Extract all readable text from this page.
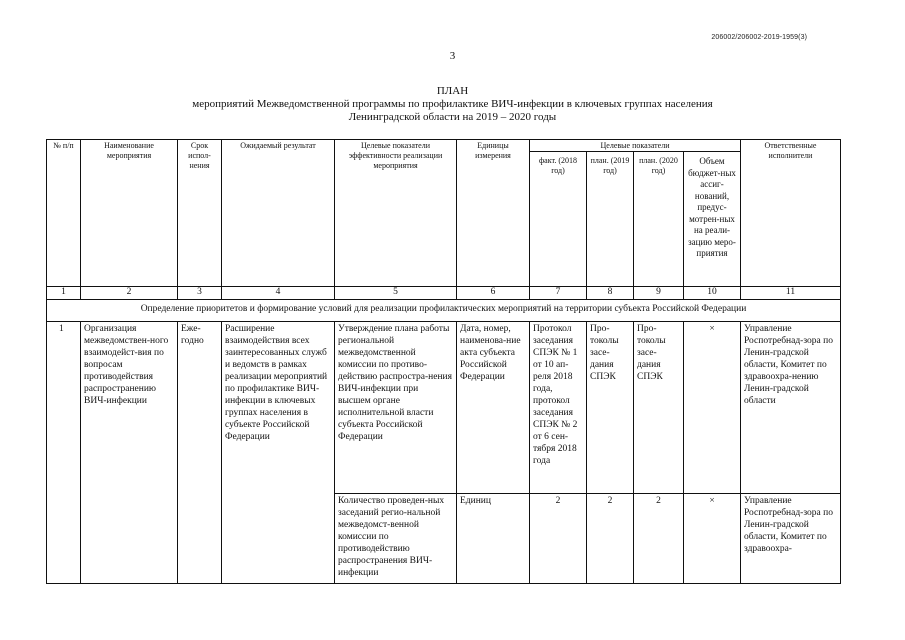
206002/206002-2019-1959(3)
3
ПЛАН
мероприятий Межведомственной программы по профилактике ВИЧ-инфекции в ключевых группах населения
Ленинградской области на 2019 – 2020 годы
№ п/п	Наименование мероприятия	Срок испол-нения	Ожидаемый результат	Целевые показатели эффективности реализации мероприятия	Единицы измерения	Целевые показатели				Ответственные исполнители
						факт. (2018 год)	план. (2019 год)	план. (2020 год)	Объем бюджет-ных ассиг-нований, предус-мотрен-ных на реали-зацию меро-приятия	
1	2	3	4	5	6	7	8	9	10	11
Определение приоритетов и формирование условий для реализации профилактических мероприятий на территории субъекта Российской Федерации										
1	Организация межведомствен-ного взаимодейст-вия по вопросам противодействия распространению ВИЧ-инфекции	Еже-годно	Расширение взаимодействия всех заинтересованных служб и ведомств в рамках реализации мероприятий по профилактике ВИЧ-инфекции в ключевых группах населения в субъекте Российской Федерации	Утверждение плана работы региональной межведомственной комиссии по противо-действию распростра-нения ВИЧ-инфекции при высшем органе исполнительной власти субъекта Российской Федерации	Дата, номер, наименова-ние акта субъекта Российской Федерации	Протокол заседания СПЭК № 1 от 10 ап-реля 2018 года, протокол заседания СПЭК № 2 от 6 сен-тября 2018 года	Про-токолы засе-дания СПЭК	Про-токолы засе-дания СПЭК	×	Управление Роспотребнад-зора по Ленин-градской области, Комитет по здравоохра-нению Ленин-градской области
				Количество проведен-ных заседаний регио-нальной межведомст-венной комиссии по противодействию распространения ВИЧ-инфекции	Единиц	2	2	2	×	Управление Роспотребнад-зора по Ленин-градской области, Комитет по здравоохра-
